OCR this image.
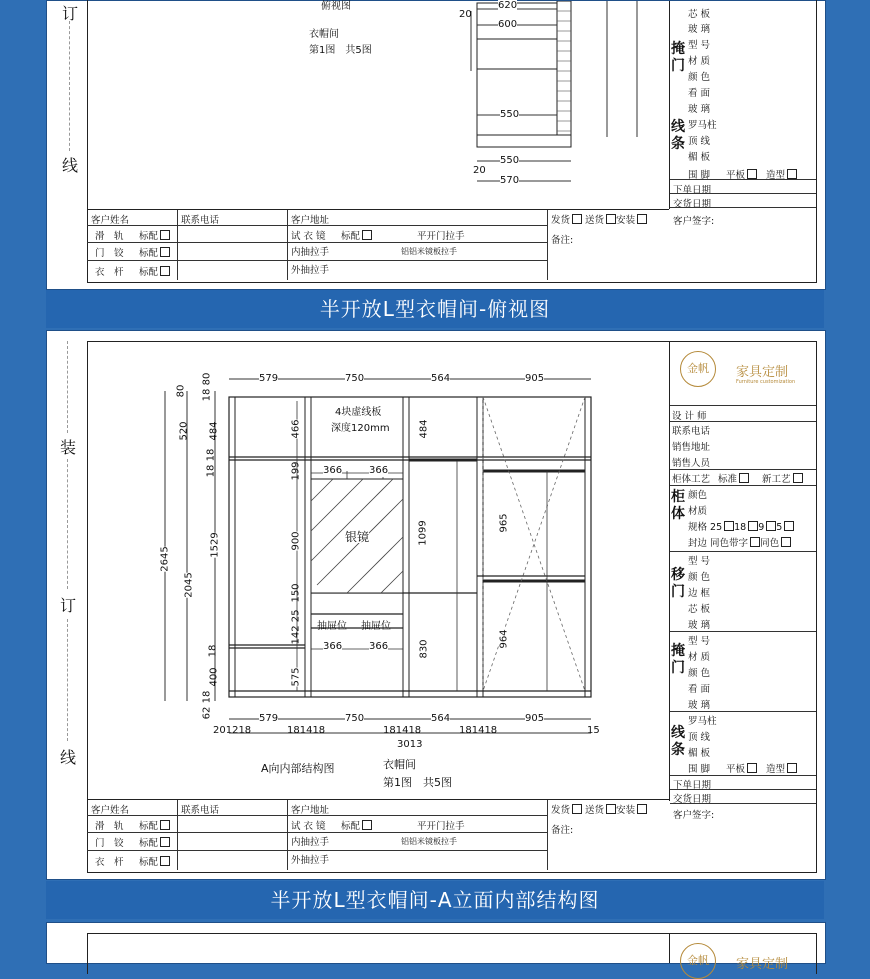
订
线
俯视图
衣帽间
第1图　共5图
620
600
550
550
570
20
20
芯 板
玻 璃
掩门
型 号
材 质
颜 色
看 面
玻 璃
线条
罗马柱
顶 线
楣 板
围 脚 平板	造型
下单日期
交货日期
客户签字:
客户姓名	联系电话	客户地址	发货 送货 安装
备注:
滑　轨 标配	试 衣 镜 标配	平开门拉手
门　铰 标配	内抽拉手	铝铝米镜板拉手
衣　杆 标配	外抽拉手
半开放L型衣帽间-俯视图
装
订
线
579	750	564	905
579	750	564	905
201218	181418	181418	181418	15
3013
80
520
2645
18 80
484
18 18
1529
2045
18
400
62 18
466
199
900
150
142 25
575
484
1099
830
965
964
366	366
366	366
4块虚线板
深度120mm
银镜
抽屉位 抽屉位
A向内部结构图	衣帽间
第1图　共5图
金帆	家具定制
Furniture customization
设 计 师
联系电话
销售地址
销售人员
柜体工艺 标准	新工艺
柜体
颜色
材质
规格 25 18 9 5
封边 同色带字 同色
移门
型 号
颜 色
边 框
芯 板
玻 璃
掩门
型 号
材 质
颜 色
看 面
玻 璃
线条
罗马柱
顶 线
楣 板
围 脚 平板	造型
下单日期
交货日期
客户签字:
客户姓名	联系电话	客户地址	发货 送货 安装
备注:
滑　轨 标配	试 衣 镜 标配	平开门拉手
门　铰 标配	内抽拉手	铝铝米镜板拉手
衣　杆 标配	外抽拉手
半开放L型衣帽间-A立面内部结构图
金帆	家具定制
